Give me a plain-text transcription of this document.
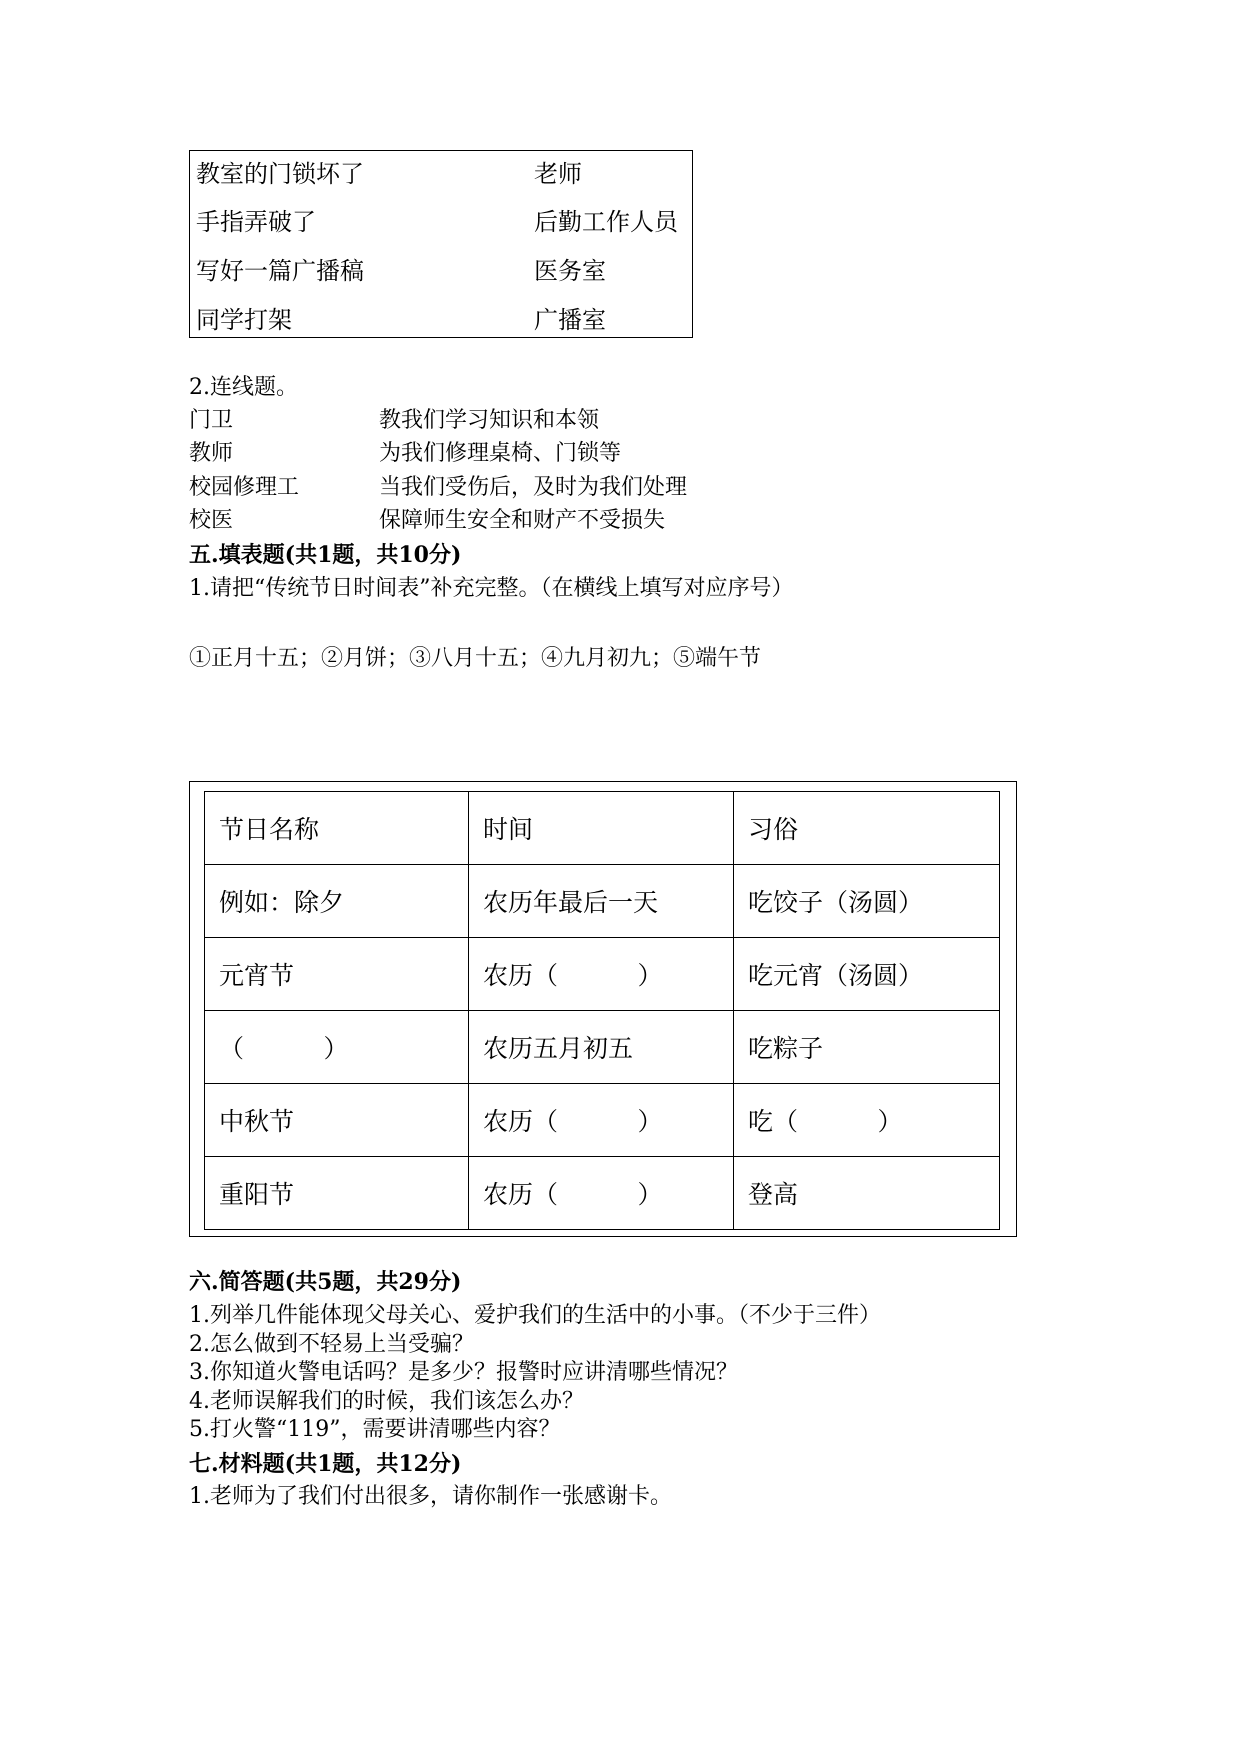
教室的门锁坏了	老师
手指弄破了	后勤工作人员
写好一篇广播稿	医务室
同学打架	广播室
2.连线题。
门卫	教我们学习知识和本领
教师	为我们修理桌椅、门锁等
校园修理工	当我们受伤后，及时为我们处理
校医	保障师生安全和财产不受损失
五.填表题(共1题，共10分)
1.请把“传统节日时间表”补充完整。（在横线上填写对应序号）
①正月十五；②月饼；③八月十五；④九月初九；⑤端午节
节日名称	时间	习俗
例如：除夕	农历年最后一天	吃饺子（汤圆）
元宵节	农历（          ）	吃元宵（汤圆）
（          ）	农历五月初五	吃粽子
中秋节	农历（          ）	吃（          ）
重阳节	农历（          ）	登高
六.简答题(共5题，共29分)
1.列举几件能体现父母关心、爱护我们的生活中的小事。（不少于三件）
2.怎么做到不轻易上当受骗？
3.你知道火警电话吗？是多少？报警时应讲清哪些情况？
4.老师误解我们的时候，我们该怎么办？
5.打火警“119”，需要讲清哪些内容？
七.材料题(共1题，共12分)
1.老师为了我们付出很多，请你制作一张感谢卡。
